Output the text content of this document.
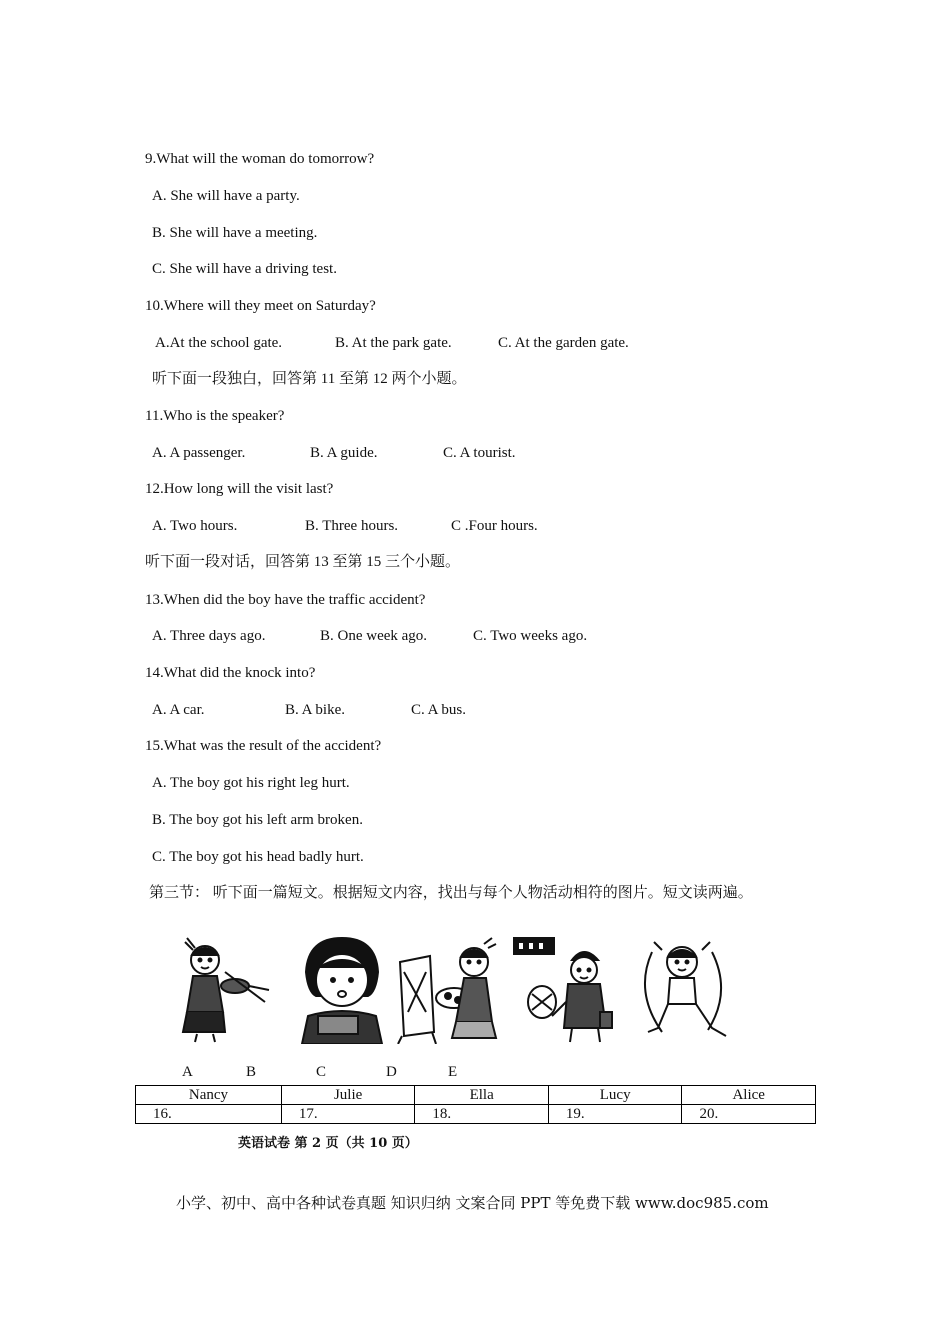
9.What will the woman do tomorrow?
A. She will have a party.
B. She will have a meeting.
C. She will have a driving test.
10.Where will they meet on Saturday?
A.At the school gate.	B. At the park gate.	C. At the garden gate.
听下面一段独白，回答第 11 至第 12 两个小题。
11.Who is the speaker?
A. A passenger.	B. A guide.	C. A tourist.
12.How long will the visit last?
A. Two hours.	B. Three hours.	C .Four hours.
听下面一段对话，回答第 13 至第 15 三个小题。
13.When did the boy have the traffic accident?
A. Three days ago.	B. One week ago.	C. Two weeks ago.
14.What did the knock into?
A. A car.	B. A bike.	C. A bus.
15.What was the result of the accident?
A. The boy got his right leg hurt.
B. The boy got his left arm broken.
C. The boy got his head badly hurt.
第三节： 听下面一篇短文。根据短文内容，找出与每个人物活动相符的图片。短文读两遍。
A	B	C	D	E
Nancy	Julie	Ella	Lucy	Alice
16.	17.	18.	19.	20.
英语试卷 第 2 页（共 10 页）
小学、初中、高中各种试卷真题 知识归纳 文案合同 PPT 等免费下载 www.doc985.com
